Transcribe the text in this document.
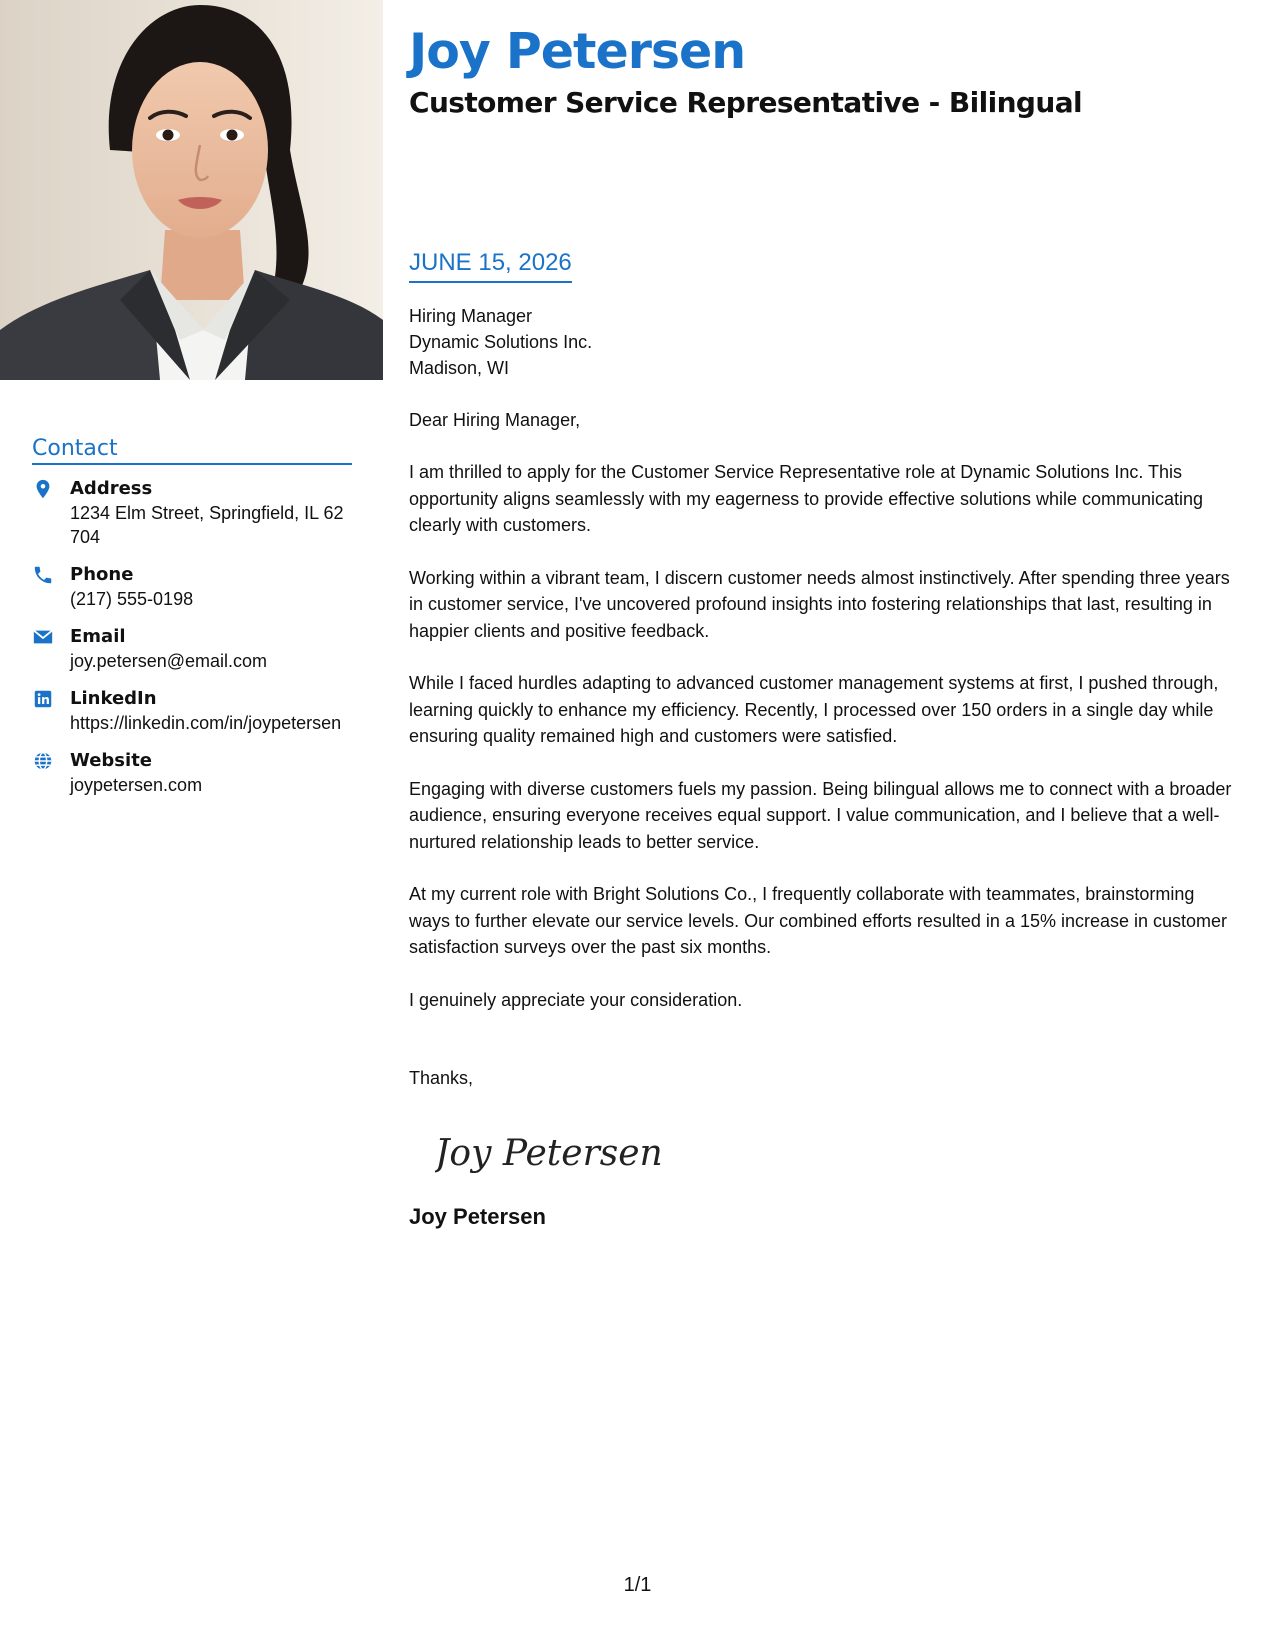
Contact
Address
1234 Elm Street, Springfield, IL 62704
Phone
(217) 555-0198
Email
joy.petersen@email.com
LinkedIn
https://linkedin.com/in/joypetersen
Website
joypetersen.com
Joy Petersen
Customer Service Representative - Bilingual
JUNE 15, 2026
Hiring Manager
Dynamic Solutions Inc.
Madison, WI
Dear Hiring Manager,
I am thrilled to apply for the Customer Service Representative role at Dynamic Solutions Inc. This opportunity aligns seamlessly with my eagerness to provide effective solutions while communicating clearly with customers.
Working within a vibrant team, I discern customer needs almost instinctively. After spending three years in customer service, I've uncovered profound insights into fostering relationships that last, resulting in happier clients and positive feedback.
While I faced hurdles adapting to advanced customer management systems at first, I pushed through, learning quickly to enhance my efficiency. Recently, I processed over 150 orders in a single day while ensuring quality remained high and customers were satisfied.
Engaging with diverse customers fuels my passion. Being bilingual allows me to connect with a broader audience, ensuring everyone receives equal support. I value communication, and I believe that a well-nurtured relationship leads to better service.
At my current role with Bright Solutions Co., I frequently collaborate with teammates, brainstorming ways to further elevate our service levels. Our combined efforts resulted in a 15% increase in customer satisfaction surveys over the past six months.
I genuinely appreciate your consideration.
Thanks,
Joy Petersen
Joy Petersen
1/1
